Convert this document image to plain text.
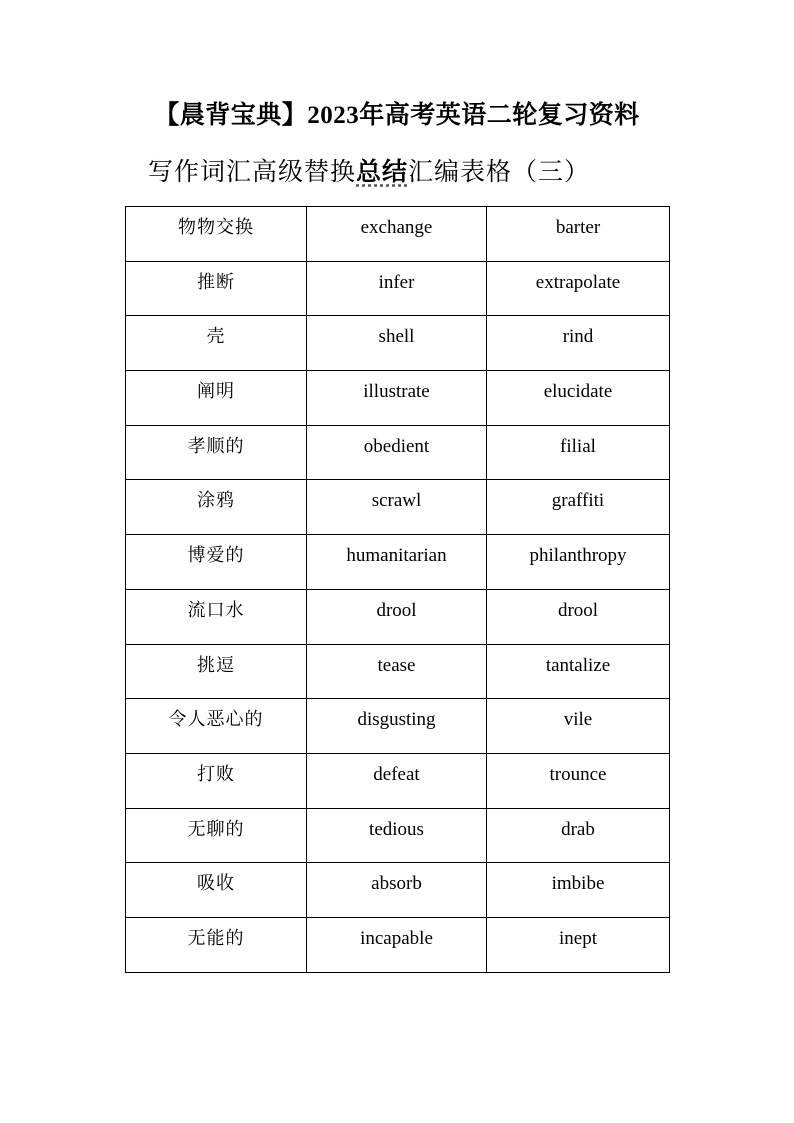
【晨背宝典】2023年高考英语二轮复习资料
写作词汇高级替换总结汇编表格（三）
物物交换	exchange	barter
推断	infer	extrapolate
壳	shell	rind
阐明	illustrate	elucidate
孝顺的	obedient	filial
涂鸦	scrawl	graffiti
博爱的	humanitarian	philanthropy
流口水	drool	drool
挑逗	tease	tantalize
令人恶心的	disgusting	vile
打败	defeat	trounce
无聊的	tedious	drab
吸收	absorb	imbibe
无能的	incapable	inept
